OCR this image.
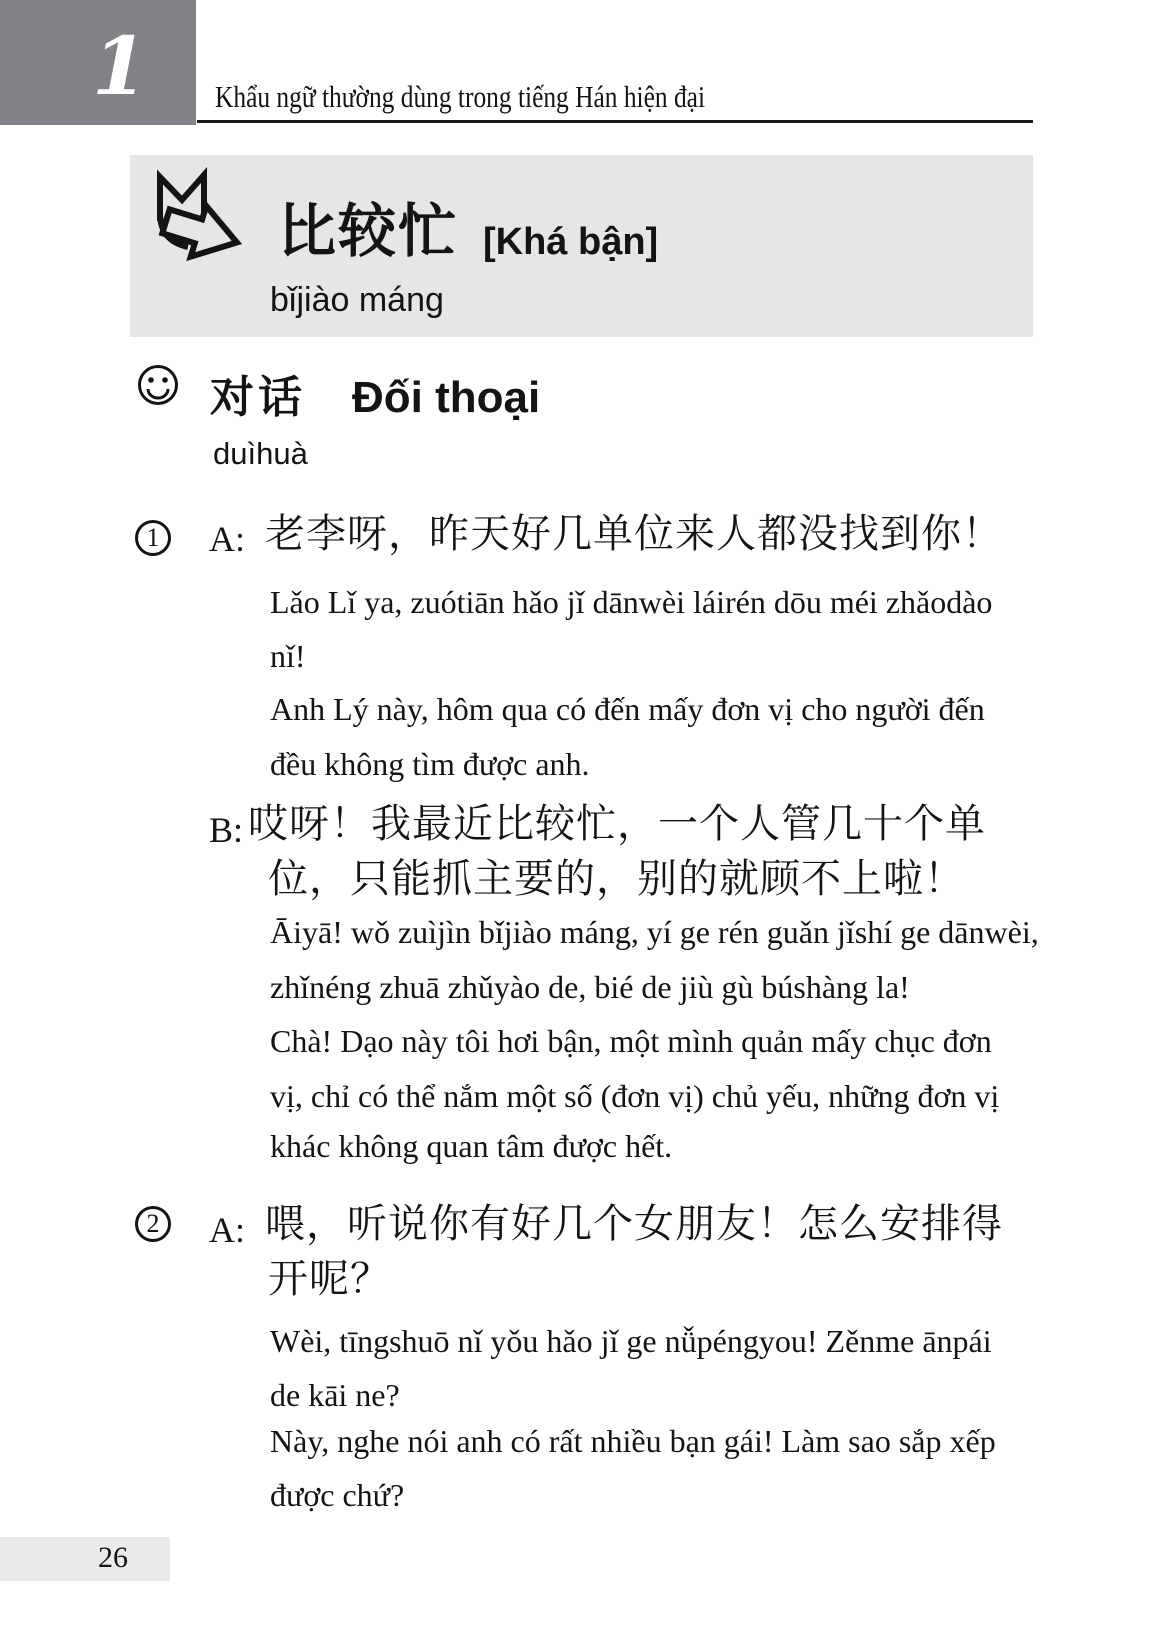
1 Khẩu ngữ thường dùng trong tiếng Hán hiện đại
比较忙 [Khá bận]
bǐjiào máng
对话 Đối thoại
duìhuà
1 A: 老李呀，昨天好几单位来人都没找到你！
Lǎo Lǐ ya, zuótiān hǎo jǐ dānwèi láirén dōu méi zhǎodào
nǐ!
Anh Lý này, hôm qua có đến mấy đơn vị cho người đến
đều không tìm được anh.
B: 哎呀！我最近比较忙，一个人管几十个单
位，只能抓主要的，别的就顾不上啦！
Āiyā! wǒ zuìjìn bǐjiào máng, yí ge rén guǎn jǐshí ge dānwèi,
zhǐnéng zhuā zhǔyào de, bié de jiù gù búshàng la!
Chà! Dạo này tôi hơi bận, một mình quản mấy chục đơn
vị, chỉ có thể nắm một số (đơn vị) chủ yếu, những đơn vị
khác không quan tâm được hết.
2 A: 喂，听说你有好几个女朋友！怎么安排得
开呢？
Wèi, tīngshuō nǐ yǒu hǎo jǐ ge nǚpéngyou! Zěnme ānpái
de kāi ne?
Này, nghe nói anh có rất nhiều bạn gái! Làm sao sắp xếp
được chứ?
26
